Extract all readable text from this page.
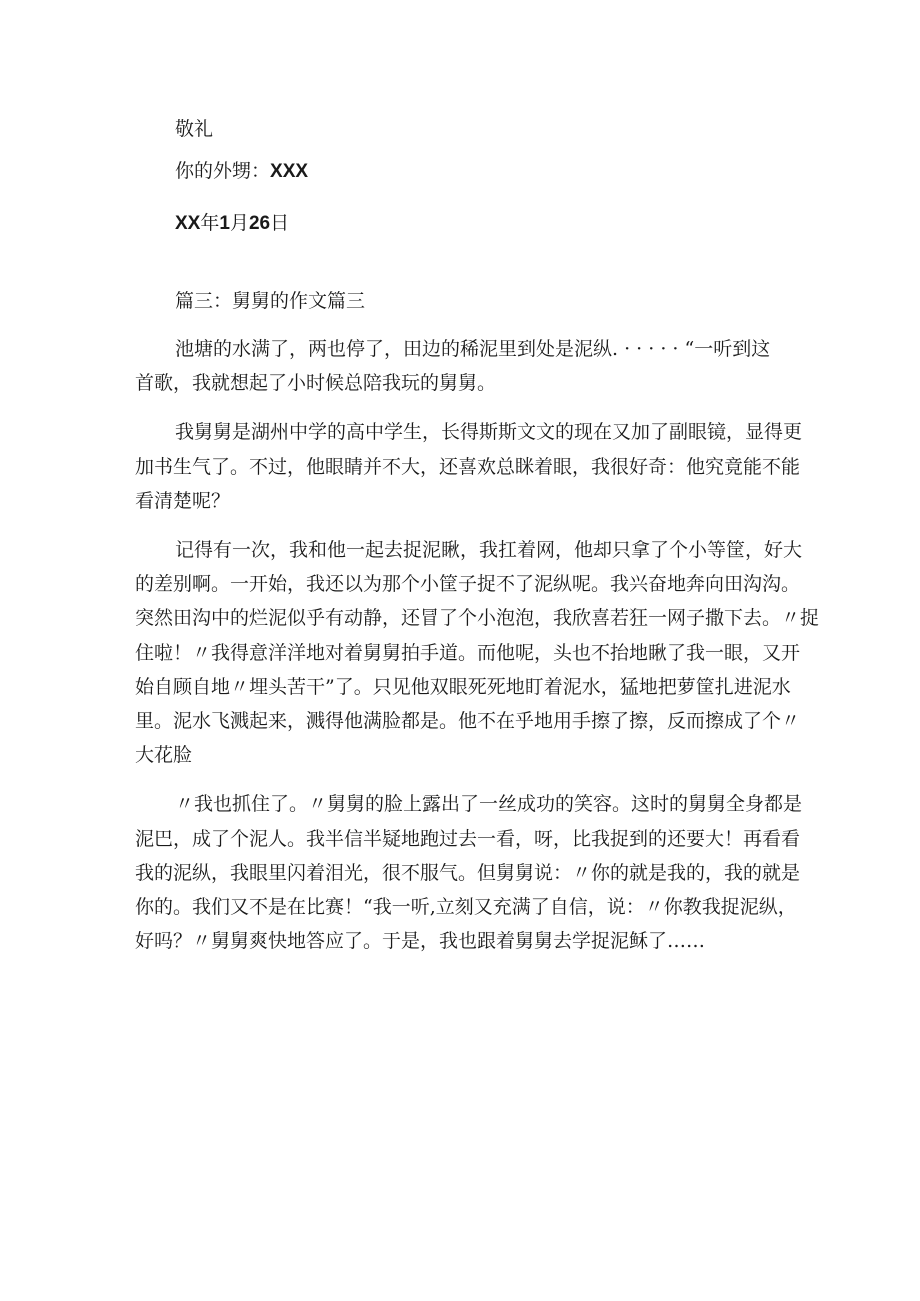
敬礼

你的外甥：XXX

XX年1月26日

篇三：舅舅的作文篇三

池塘的水满了，两也停了，田边的稀泥里到处是泥纵. · · · · · “一听到这
首歌，我就想起了小时候总陪我玩的舅舅。
我舅舅是湖州中学的高中学生，长得斯斯文文的现在又加了副眼镜，显得更
加书生气了。不过，他眼睛并不大，还喜欢总眯着眼，我很好奇：他究竟能不能
看清楚呢？
记得有一次，我和他一起去捉泥瞅，我扛着网，他却只拿了个小等筐，好大
的差别啊。一开始，我还以为那个小筐子捉不了泥纵呢。我兴奋地奔向田沟沟。
突然田沟中的烂泥似乎有动静，还冒了个小泡泡，我欣喜若狂一网子撒下去。〃捉
住啦！〃我得意洋洋地对着舅舅拍手道。而他呢，头也不抬地瞅了我一眼，又开
始自顾自地〃埋头苦干”了。只见他双眼死死地盯着泥水，猛地把萝筐扎进泥水
里。泥水飞溅起来，溅得他满脸都是。他不在乎地用手擦了擦，反而擦成了个〃
大花脸
〃我也抓住了。〃舅舅的脸上露出了一丝成功的笑容。这时的舅舅全身都是
泥巴，成了个泥人。我半信半疑地跑过去一看，呀，比我捉到的还要大！再看看
我的泥纵，我眼里闪着泪光，很不服气。但舅舅说：〃你的就是我的，我的就是
你的。我们又不是在比赛！“我一听,立刻又充满了自信，说：〃你教我捉泥纵，
好吗？〃舅舅爽快地答应了。于是，我也跟着舅舅去学捉泥稣了……
